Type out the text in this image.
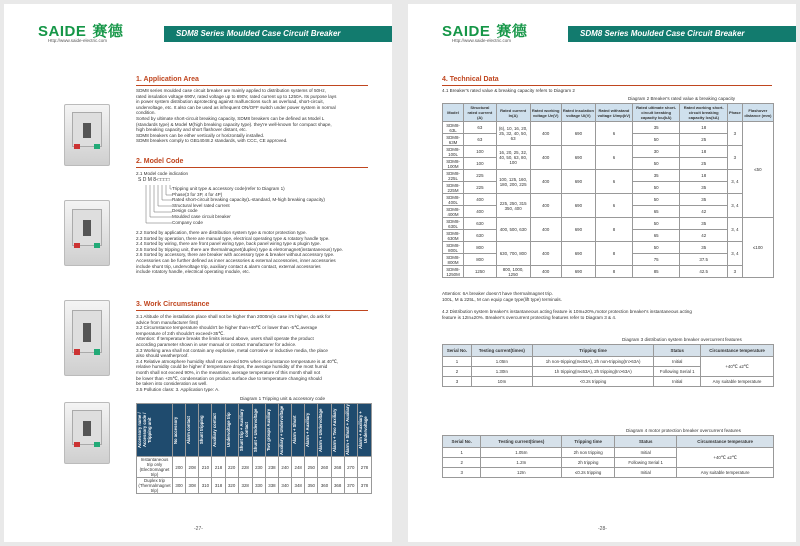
SAIDE 赛德
Http://www.saide-electric.com
SDM8 Series Moulded Case Circuit Breaker
1. Application Area
SDM8 series moulded case circuit breaker are mainly applied to distribution systems of 50Hz,
rated insulation voltage 690V, rated voltage up to 690V, rated current up to 1250A. Its purpose lays
in power system distribution &protecting against malfunctions such as overload, short-circuit,
undervoltage, etc. It also can be used as infrequent ON/OFF switch under power system in normal
condition.
Sorted by ultimate short-circuit breaking capacity, SDM8 breakers can be defined as Model L
(standards type) & Model M(high breaking capacity type). they're well-known for compact shape,
high breaking capacity and short flashover distant, etc.
SDM8 breakers can be either vertically or horizontally installed.
SDM8 breakers comply to GB14048.2 standards, with CCC, CE approved.
2. Model Code
2.1 Model code indication
S D M 8-□□□□
Tripping unit type & accessory code(refer to Diagram 1)
Phase(3 for 3P, 4 for 4P)
Rated short-circuit breaking capacity(L-standard, M-high breaking capacity)
Structural level rated current
Design code
Moulded case circuit breaker
Company code
2.2 Sorted by application, there are distribution system type & motor protection type.
2.3 Sorted by operation, there are manual type, electrical operating type & rotatory handle type.
2.4 Sorted by wiring, there are front panel wiring type, back panel wiring type & plugin type.
2.5 Sorted by tripping unit, there are thermalmagnet(duplex) type & eletromagnet(instantaneous) type.
2.6 Sorted by accessory, there are breaker with accessory type & breaker without accessory type.
Accessories can be further defined as inner accessories & external accessories, inner accessories
include shunt trip, undervoltage trip, auxiliary contact & alarm contact, external accessories
include rotatory handle, electrical operating module, etc.
3. Work Circumstance
3.1 Altitude of the installation place shall not be higher than 2000m(in case it's higher, do ask for
advice from manufacturer first)
3.2 Circumstance temperature shouldn't be higher than+40℃ or lower than -5℃,average
temperature of 24h shouldn't exceed+35℃.
Attention: If temperature breaks the limits issued above, users shall operate the product
according parameter shown in user manual or contact manufacturer for advice.
3.3 Working area shall not contain any explosive, metal corrosive or inductive media, the place
also should weatherproof.
3.4 Relative atmosphere humidity shall not exceed 50% when circumstance temperature is at 40℃,
relative humidity could be higher if temperature drops, the average humidity of the most humid
month shall not exceed 90%, in the meantime, average temperature of this month shall not
be lower than +25℃, condensation on product surface due to temperature changing should
be taken into consideration as well.
3.5 Pollution class: 3. Application type: A.
Diagram 1 Tripping unit & accessory code
Accessory name / Accessory code / Tripping unit	No accessory	Alarm contact	Shunt tripping	Auxiliary contact	Undervoltage trip	Shunt trip + Auxiliary contact	Shunt + Undervoltage	Two groups Auxiliary	Auxiliary + Undervoltage	Alarm + Shunt	Alarm + Auxiliary	Alarm + Undervoltage	Alarm + Two Auxiliary	Alarm + Shunt + Auxiliary	Alarm + Auxiliary + Undervoltage

Instantaneous trip only (Electromagnet trip)	200	208	210	218	220	228	230	238	240	248	250	260	268	270	278
Duplex trip (Thermalmagnet trip)	300	308	310	318	320	328	330	338	340	348	350	360	368	370	378
-27-
SAIDE 赛德
Http://www.saide-electric.com
SDM8 Series Moulded Case Circuit Breaker
4. Technical Data
4.1 Breaker's rated value & breaking capacity refers to Diagram 2
Diagram 2 Breaker's rated value & breaking capacity
Model	Structural rated current (A)	Rated current In(A)	Rated working voltage Ue(V)	Rated insulation voltage Ui(V)	Rated withstand voltage Uimp(kV)	Rated ultimate short-circuit breaking capacity Icu(kA)	Rated working short-circuit breaking capacity Ics(kA)	Phase	Flashover distance (mm)
SDM8-63L	63	(6), 10, 16, 20, 25, 32, 40, 50, 63	400	690	6	35	18	3	≤50
SDM8-63M	63					50	25		
SDM8-100L	100	16, 20, 25, 32, 40, 50, 63, 80, 100	400	690	6	30	18	3	
SDM8-100M	100					50	25		
SDM8-225L	225	100, 125, 160, 180, 200, 225	400	690	6	35	18	3, 4	
SDM8-225M	225					50	35		
SDM8-400L	400	225, 250, 315 350, 400	400	690	6	50	35	3, 4	
SDM8-400M	400					65	42		
SDM8-630L	630	400, 500, 630	400	690	8	50	35	3, 4	≤100
SDM8-630M	630					65	42		
SDM8-800L	800	630, 700, 800	400	690	8	50	35	3, 4	
SDM8-800M	800					75	37.5		
SDM8-1250M	1250	800, 1000, 1250	400	690	8	85	42.5	3	
Attention: 6A breaker doesn't have thermalmagnet trip.
100L, M & 225L, M can equip cage type(lift type) terminals.
4.2 Distribution system breaker's instantaneous acting feature is 10In±20%,motor protection breaker's instantaneous acting
feature is 12In±20%. Breaker's overcurrent protecting features refer to Diagram 3 & 4.
Diagram 3 distribution system breaker overcurrent features
Serial No.	Testing current(times)	Tripping time	Status	Circumstance temperature
1	1.05In	1h non-tripping(In≤63A), 2h non-tripping(In>63A)	Initial	+40℃ ±2℃
2	1.30In	1h tripping(In≤63A), 2h tripping(In>63A)	Following Serial 1	
3	10In	<0.2s tripping	Initial	Any suitable temperature
Diagram 4 motor protection breaker overcurrent features
Serial No.	Testing current(times)	Tripping time	Status	Circumstance temperature
1	1.05In	2h non tripping	Initial	+40℃ ±2℃
2	1.2In	2h tripping	Following Serial 1	
3	12In	≤0.2s tripping	Initial	Any suitable temperature
-28-
